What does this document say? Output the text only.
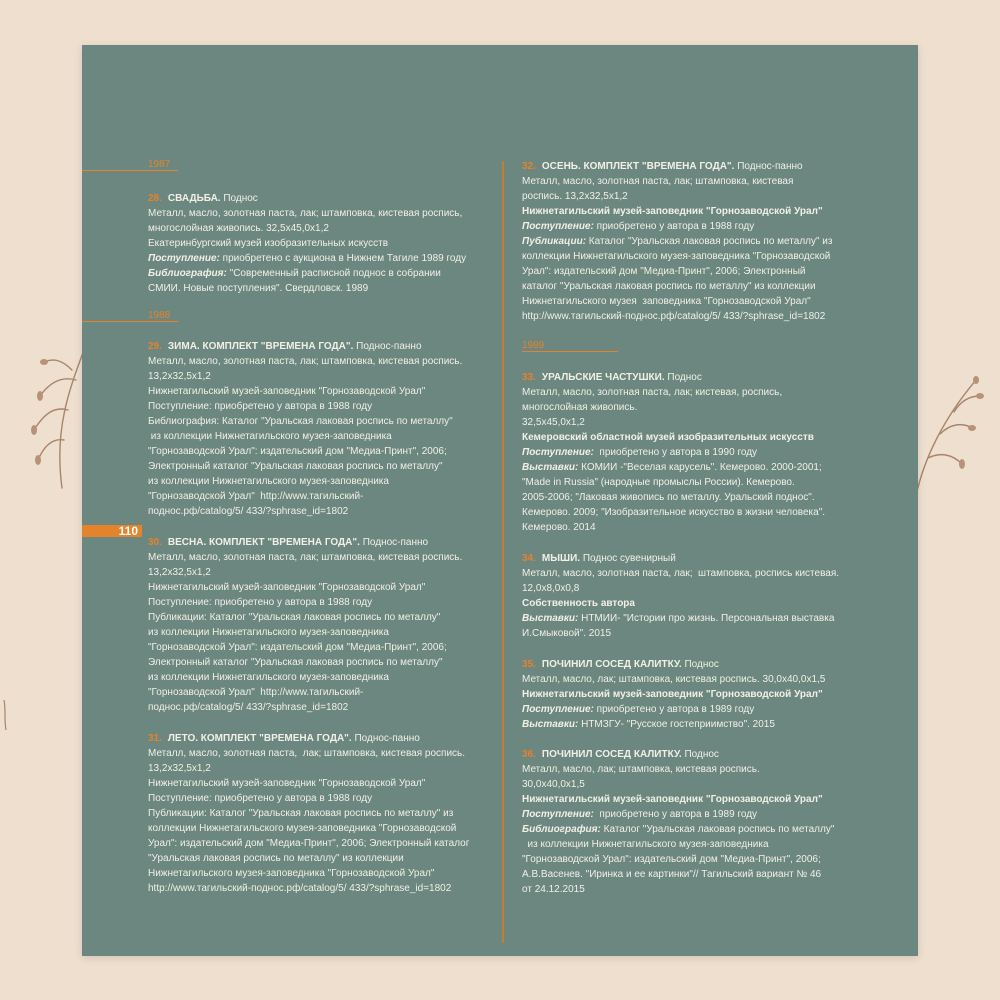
110
1987
28. СВАДЬБА. Поднос
Металл, масло, золотная паста, лак; штамповка, кистевая роспись,
многослойная живопись. 32,5х45,0х1,2
Екатеринбургский музей изобразительных искусств
Поступление: приобретено с аукциона в Нижнем Тагиле 1989 году
Библиография: "Современный расписной поднос в собрании
СМИИ. Новые поступления". Свердловск. 1989
1988
29. ЗИМА. КОМПЛЕКТ "ВРЕМЕНА ГОДА". Поднос-панно
Металл, масло, золотная паста, лак; штамповка, кистевая роспись.
13,2х32,5х1,2
Нижнетагильский музей-заповедник "Горнозаводской Урал"
Поступление: приобретено у автора в 1988 году
Библиография: Каталог "Уральская лаковая роспись по металлу"
из коллекции Нижнетагильского музея-заповедника
"Горнозаводской Урал": издательский дом "Медиа-Принт", 2006;
Электронный каталог "Уральская лаковая роспись по металлу"
из коллекции Нижнетагильского музея-заповедника
"Горнозаводской Урал"  http://www.тагильский-
поднос.рф/catalog/5/ 433/?sphrase_id=1802
30. ВЕСНА. КОМПЛЕКТ "ВРЕМЕНА ГОДА". Поднос-панно
Металл, масло, золотная паста, лак; штамповка, кистевая роспись.
13,2х32,5х1,2
Нижнетагильский музей-заповедник "Горнозаводской Урал"
Поступление: приобретено у автора в 1988 году
Публикации: Каталог "Уральская лаковая роспись по металлу"
из коллекции Нижнетагильского музея-заповедника
"Горнозаводской Урал": издательский дом "Медиа-Принт", 2006;
Электронный каталог "Уральская лаковая роспись по металлу"
из коллекции Нижнетагильского музея-заповедника
"Горнозаводской Урал"  http://www.тагильский-
поднос.рф/catalog/5/ 433/?sphrase_id=1802
31. ЛЕТО. КОМПЛЕКТ "ВРЕМЕНА ГОДА". Поднос-панно
Металл, масло, золотная паста,  лак; штамповка, кистевая роспись.
13,2х32,5х1,2
Нижнетагильский музей-заповедник "Горнозаводской Урал"
Поступление: приобретено у автора в 1988 году
Публикации: Каталог "Уральская лаковая роспись по металлу" из
коллекции Нижнетагильского музея-заповедника "Горнозаводской
Урал": издательский дом "Медиа-Принт", 2006; Электронный каталог
"Уральская лаковая роспись по металлу" из коллекции
Нижнетагильского музея-заповедника "Горнозаводской Урал"
http://www.тагильский-поднос.рф/catalog/5/ 433/?sphrase_id=1802
32. ОСЕНЬ. КОМПЛЕКТ "ВРЕМЕНА ГОДА". Поднос-панно
Металл, масло, золотная паста, лак; штамповка, кистевая
роспись. 13,2х32,5х1,2
Нижнетагильский музей-заповедник "Горнозаводской Урал"
Поступление: приобретено у автора в 1988 году
Публикации: Каталог "Уральская лаковая роспись по металлу" из
коллекции Нижнетагильского музея-заповедника "Горнозаводской
Урал": издательский дом "Медиа-Принт", 2006; Электронный
каталог "Уральская лаковая роспись по металлу" из коллекции
Нижнетагильского музея  заповедника "Горнозаводской Урал"
http://www.тагильский-поднос.рф/catalog/5/ 433/?sphrase_id=1802
1989
33. УРАЛЬСКИЕ ЧАСТУШКИ. Поднос
Металл, масло, золотная паста, лак; кистевая, роспись,
многослойная живопись.
32,5х45,0х1,2
Кемеровский областной музей изобразительных искусств
Поступление:  приобретено у автора в 1990 году
Выставки: КОМИИ -"Веселая карусель". Кемерово. 2000-2001;
"Made in Russia" (народные промыслы России). Кемерово.
2005-2006; "Лаковая живопись по металлу. Уральский поднос".
Кемерово. 2009; "Изобразительное искусство в жизни человека".
Кемерово. 2014
34. МЫШИ. Поднос сувенирный
Металл, масло, золотная паста, лак;  штамповка, роспись кистевая.
12,0х8,0х0,8
Собственность автора
Выставки: НТМИИ- "Истории про жизнь. Персональная выставка
И.Смыковой". 2015
35. ПОЧИНИЛ СОСЕД КАЛИТКУ. Поднос
Металл, масло, лак; штамповка, кистевая роспись. 30,0х40,0х1,5
Нижнетагильский музей-заповедник "Горнозаводской Урал"
Поступление: приобретено у автора в 1989 году
Выставки: НТМЗГУ- "Русское гостеприимство". 2015
36. ПОЧИНИЛ СОСЕД КАЛИТКУ. Поднос
Металл, масло, лак; штамповка, кистевая роспись.
30,0х40,0х1,5
Нижнетагильский музей-заповедник "Горнозаводской Урал"
Поступление:  приобретено у автора в 1989 году
Библиография: Каталог "Уральская лаковая роспись по металлу"
из коллекции Нижнетагильского музея-заповедника
"Горнозаводской Урал": издательский дом "Медиа-Принт", 2006;
А.В.Васенев. "Иринка и ее картинки"// Тагильский вариант № 46
от 24.12.2015
